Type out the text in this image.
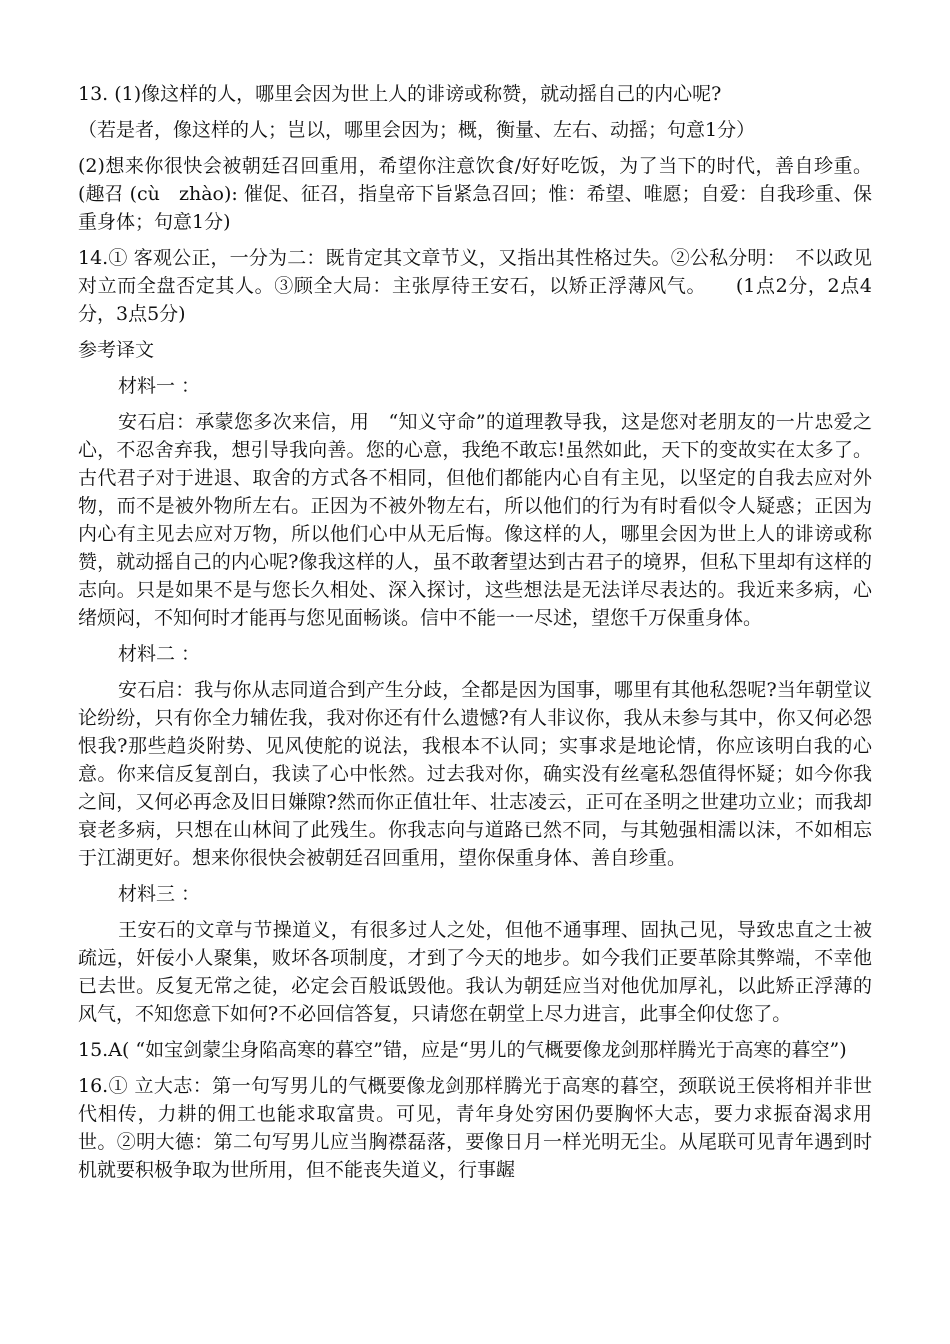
13. (1)像这样的人，哪里会因为世上人的诽谤或称赞，就动摇自己的内心呢?

（若是者，像这样的人；岂以，哪里会因为；概，衡量、左右、动摇；句意1分）

(2)想来你很快会被朝廷召回重用，希望你注意饮食/好好吃饭，为了当下的时代，善自珍重。(趣召 (cù　zhào): 催促、征召，指皇帝下旨紧急召回；惟：希望、唯愿；自爱：自我珍重、保重身体；句意1分)

14.① 客观公正，一分为二：既肯定其文章节义，又指出其性格过失。②公私分明：　不以政见对立而全盘否定其人。③顾全大局：主张厚待王安石，以矫正浮薄风气。　　(1点2分，2点4分，3点5分)

参考译文

材料一 ：

安石启：承蒙您多次来信，用　“知义守命”的道理教导我，这是您对老朋友的一片忠爱之心，不忍舍弃我，想引导我向善。您的心意，我绝不敢忘!虽然如此，天下的变故实在太多了。古代君子对于进退、取舍的方式各不相同，但他们都能内心自有主见，以坚定的自我去应对外物，而不是被外物所左右。正因为不被外物左右，所以他们的行为有时看似令人疑惑；正因为内心有主见去应对万物，所以他们心中从无后悔。像这样的人，哪里会因为世上人的诽谤或称赞，就动摇自己的内心呢?像我这样的人，虽不敢奢望达到古君子的境界，但私下里却有这样的志向。只是如果不是与您长久相处、深入探讨，这些想法是无法详尽表达的。我近来多病，心绪烦闷，不知何时才能再与您见面畅谈。信中不能一一尽述，望您千万保重身体。

材料二 ：

安石启：我与你从志同道合到产生分歧，全都是因为国事，哪里有其他私怨呢?当年朝堂议论纷纷，只有你全力辅佐我，我对你还有什么遗憾?有人非议你，我从未参与其中，你又何必怨恨我?那些趋炎附势、见风使舵的说法，我根本不认同；实事求是地论情，你应该明白我的心意。你来信反复剖白，我读了心中怅然。过去我对你，确实没有丝毫私怨值得怀疑；如今你我之间，又何必再念及旧日嫌隙?然而你正值壮年、壮志凌云，正可在圣明之世建功立业；而我却衰老多病，只想在山林间了此残生。你我志向与道路已然不同，与其勉强相濡以沫，不如相忘于江湖更好。想来你很快会被朝廷召回重用，望你保重身体、善自珍重。

材料三 ：

王安石的文章与节操道义，有很多过人之处，但他不通事理、固执己见，导致忠直之士被疏远，奸佞小人聚集，败坏各项制度，才到了今天的地步。如今我们正要革除其弊端，不幸他已去世。反复无常之徒，必定会百般诋毁他。我认为朝廷应当对他优加厚礼，以此矫正浮薄的风气，不知您意下如何?不必回信答复，只请您在朝堂上尽力进言，此事全仰仗您了。

15.A( “如宝剑蒙尘身陷高寒的暮空”错，应是“男儿的气概要像龙剑那样腾光于高寒的暮空”)

16.① 立大志：第一句写男儿的气概要像龙剑那样腾光于高寒的暮空，颈联说王侯将相并非世代相传，力耕的佣工也能求取富贵。可见，青年身处穷困仍要胸怀大志，要力求振奋渴求用世。②明大德：第二句写男儿应当胸襟磊落，要像日月一样光明无尘。从尾联可见青年遇到时机就要积极争取为世所用，但不能丧失道义，行事龌
